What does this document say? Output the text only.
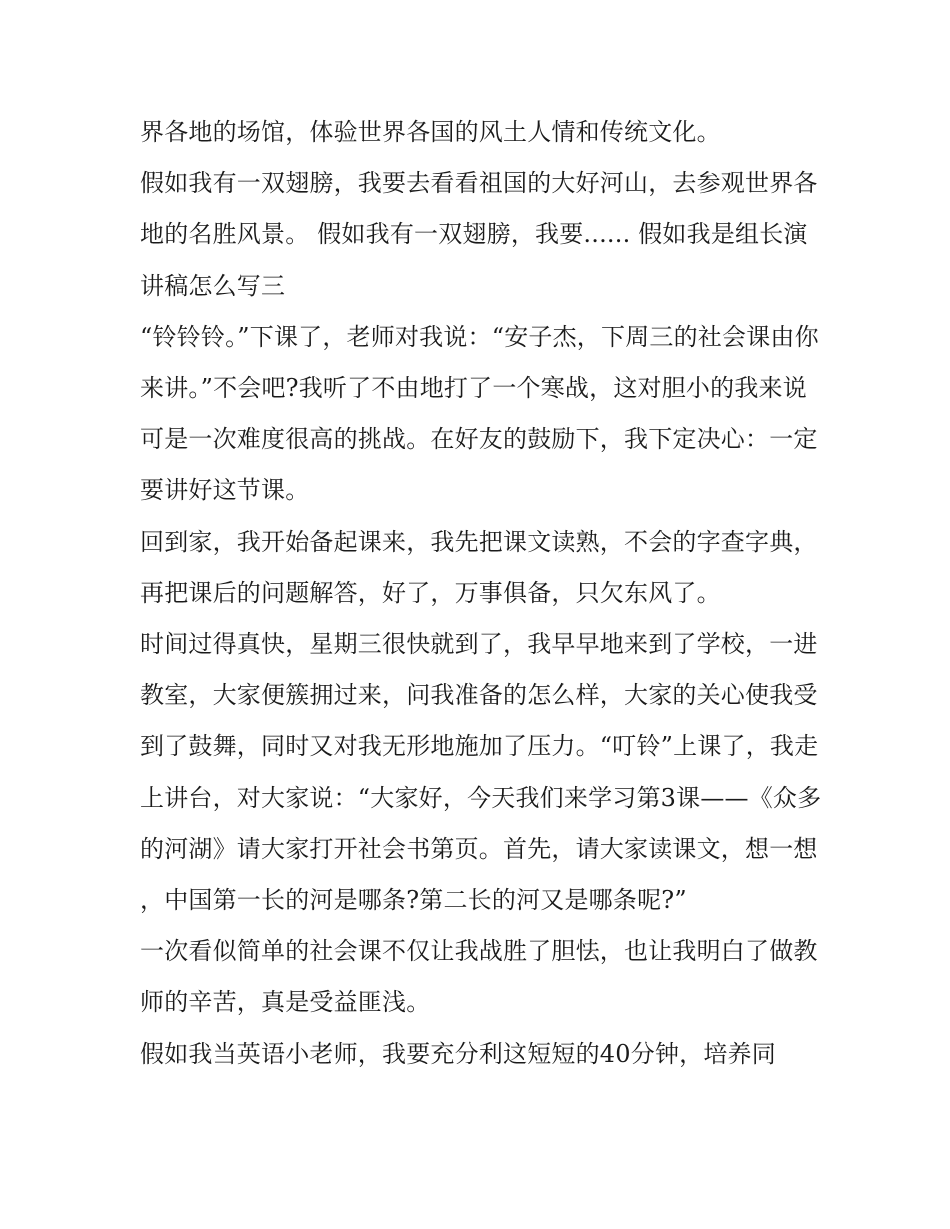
界各地的场馆，体验世界各国的风土人情和传统文化。

假如我有一双翅膀，我要去看看祖国的大好河山，去参观世界各地的名胜风景。 假如我有一双翅膀，我要...... 假如我是组长演讲稿怎么写三

“铃铃铃。”下课了，老师对我说：“安子杰，下周三的社会课由你来讲。”不会吧?我听了不由地打了一个寒战，这对胆小的我来说可是一次难度很高的挑战。在好友的鼓励下，我下定决心：一定要讲好这节课。

回到家，我开始备起课来，我先把课文读熟，不会的字查字典，再把课后的问题解答，好了，万事俱备，只欠东风了。

时间过得真快，星期三很快就到了，我早早地来到了学校，一进教室，大家便簇拥过来，问我准备的怎么样，大家的关心使我受到了鼓舞，同时又对我无形地施加了压力。“叮铃”上课了，我走上讲台，对大家说：“大家好，今天我们来学习第3课——《众多的河湖》请大家打开社会书第页。首先，请大家读课文，想一想，中国第一长的河是哪条?第二长的河又是哪条呢?”

一次看似简单的社会课不仅让我战胜了胆怯，也让我明白了做教师的辛苦，真是受益匪浅。

假如我当英语小老师，我要充分利这短短的40分钟，培养同
